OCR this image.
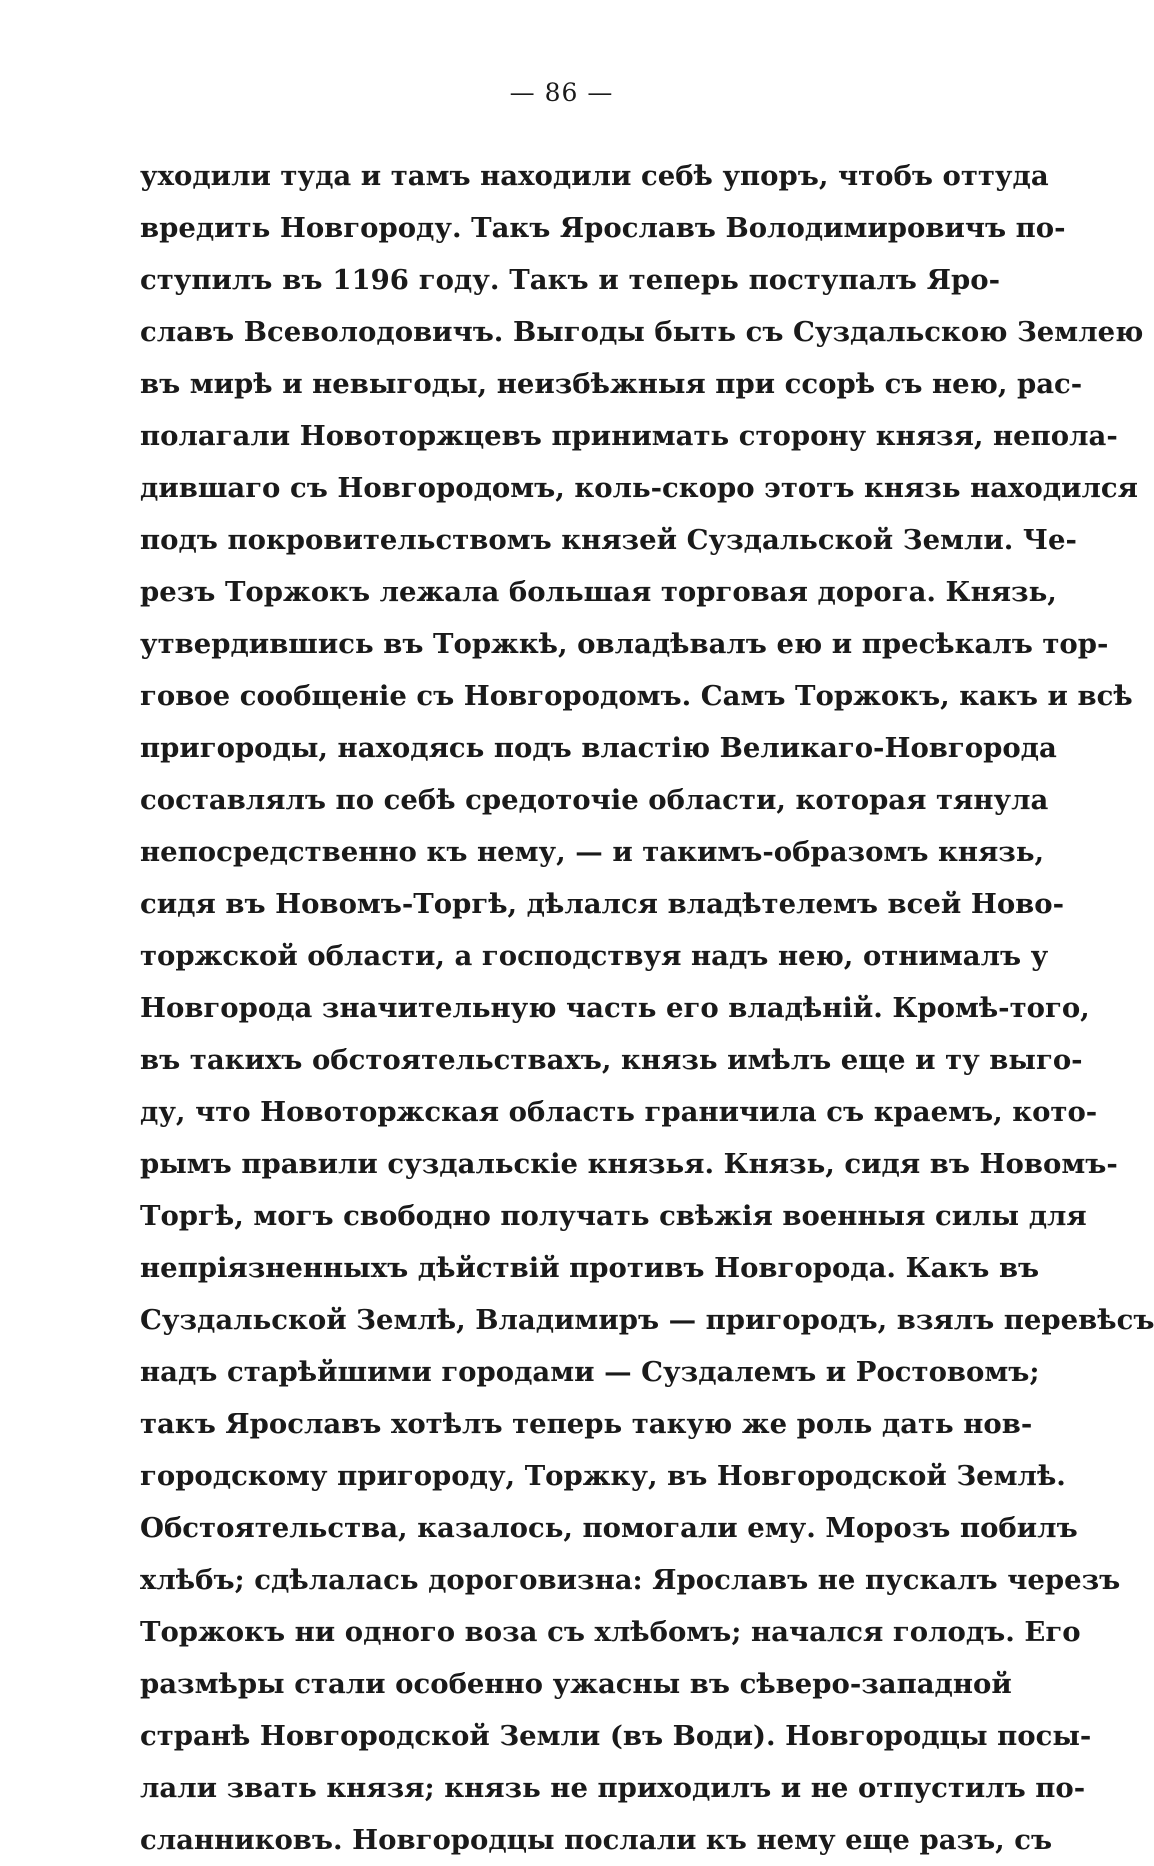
— 86 —
уходили туда и тамъ находили себѣ упоръ, чтобъ оттуда
вредить Новгороду. Такъ Ярославъ Володимировичъ по-
ступилъ въ 1196 году. Такъ и теперь поступалъ Яро-
славъ Всеволодовичъ. Выгоды быть съ Суздальскою Землею
въ мирѣ и невыгоды, неизбѣжныя при ссорѣ съ нею, рас-
полагали Новоторжцевъ принимать сторону князя, неполa-
дившаго съ Новгородомъ, коль-скоро этотъ князь находился
подъ покровительствомъ князей Суздальской Земли. Че-
резъ Торжокъ лежала большая торговая дорога. Князь,
утвердившись въ Торжкѣ, овладѣвалъ ею и пресѣкалъ тор-
говое сообщеніе съ Новгородомъ. Самъ Торжокъ, какъ и всѣ
пригороды, находясь подъ властію Великаго-Новгорода
составлялъ по себѣ средоточіе области, которая тянула
непосредственно къ нему, — и такимъ-образомъ князь,
сидя въ Новомъ-Торгѣ, дѣлался владѣтелемъ всей Ново-
торжской области, а господствуя надъ нею, отнималъ у
Новгорода значительную часть его владѣній. Кромѣ-того,
въ такихъ обстоятельствахъ, князь имѣлъ еще и ту выго-
ду, что Новоторжская область граничила съ краемъ, кото-
рымъ правили суздальскіе князья. Князь, сидя въ Новомъ-
Торгѣ, могъ свободно получать свѣжія военныя силы для
непріязненныхъ дѣйствій противъ Новгорода. Какъ въ
Суздальской Землѣ, Владимиръ — пригородъ, взялъ перевѣсъ
надъ старѣйшими городами — Суздалемъ и Ростовомъ;
такъ Ярославъ хотѣлъ теперь такую же роль дать нов-
городскому пригороду, Торжку, въ Новгородской Землѣ.
Обстоятельства, казалось, помогали ему. Морозъ побилъ
хлѣбъ; сдѣлалась дороговизна: Ярославъ не пускалъ черезъ
Торжокъ ни одного воза съ хлѣбомъ; начался голодъ. Его
размѣры стали особенно ужасны въ сѣверо-западной
странѣ Новгородской Земли (въ Води). Новгородцы посы-
лали звать князя; князь не приходилъ и не отпустилъ по-
сланниковъ. Новгородцы послали къ нему еще разъ, съ
